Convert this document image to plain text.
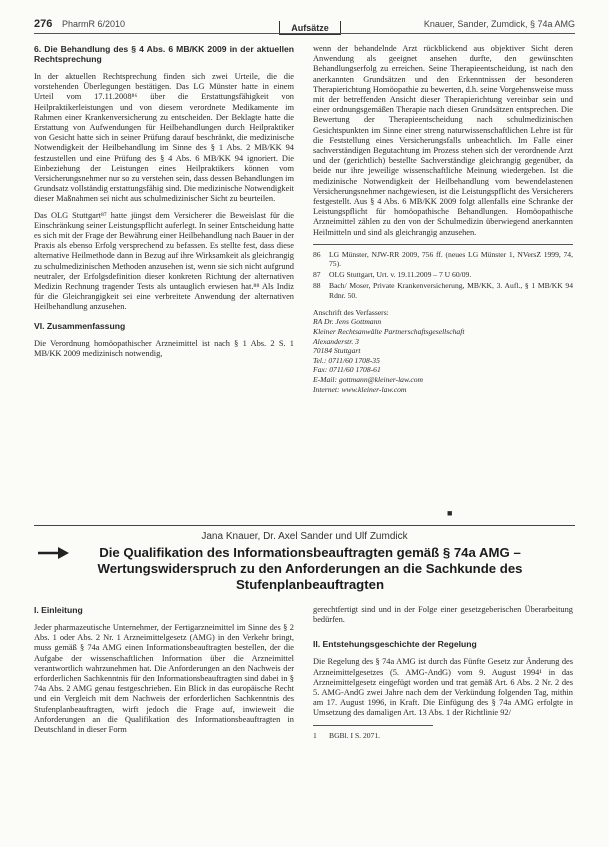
276 PharmR 6/2010	Aufsätze	Knauer, Sander, Zumdick, § 74a AMG
6. Die Behandlung des § 4 Abs. 6 MB/KK 2009 in der aktuellen Rechtsprechung

In der aktuellen Rechtsprechung finden sich zwei Urteile, die die vorstehenden Überlegungen bestätigen. Das LG Münster hatte in einem Urteil vom 17.11.2008⁸⁶ über die Erstattungsfähigkeit von Heilpraktikerleistungen und von diesem verordnete Medikamente im Rahmen einer Krankenversicherung zu entscheiden. Der Beklagte hatte die Erstattung von Aufwendungen für Heilbehandlungen durch Heilpraktiker von Gesicht hatte sich in seiner Prüfung darauf beschränkt, die medizinische Notwendigkeit der Heilbehandlung im Sinne des § 1 Abs. 2 MB/KK 94 festzustellen und eine Prüfung des § 4 Abs. 6 MB/KK 94 ignoriert. Die Einbeziehung der Leistungen eines Heilpraktikers können vom Versicherungsnehmer nur so zu verstehen sein, dass dessen Behandlungen im Grundsatz vollständig erstattungsfähig sind. Die medizinische Notwendigkeit dieser Maßnahmen sei nicht aus schulmedizinischer Sicht zu beurteilen.

Das OLG Stuttgart⁸⁷ hatte jüngst dem Versicherer die Beweislast für die Einschränkung seiner Leistungspflicht auferlegt. In seiner Entscheidung hatte es sich mit der Frage der Bewährung einer Heilbehandlung nach Bauer in der Praxis als ebenso Erfolg versprechend zu befassen. Es stellte fest, dass diese alternative Heilmethode dann in Bezug auf ihre Wirksamkeit als gleichrangig zu schulmedizinischen Methoden anzusehen ist, wenn sie sich nicht aufgrund neutraler, der Erfolgsdefinition dieser konkreten Richtung der alternativen Medizin Rechnung tragender Tests als untauglich erwiesen hat.⁸⁸ Als Indiz für die Gleichrangigkeit sei eine verbreitete Anwendung der alternativen Heilbehandlung anzusehen.

VI. Zusammenfassung

Die Verordnung homöopathischer Arzneimittel ist nach § 1 Abs. 2 S. 1 MB/KK 2009 medizinisch notwendig,

wenn der behandelnde Arzt rückblickend aus objektiver Sicht deren Anwendung als geeignet ansehen durfte, den gewünschten Behandlungserfolg zu erreichen. Seine Therapieentscheidung, ist nach den anerkannten Grundsätzen und den Erkenntnissen der besonderen Therapierichtung Homöopathie zu bewerten, d.h. seine Vorgehensweise muss mit der betreffenden Ansicht dieser Therapierichtung vereinbar sein und einer ordnungsgemäßen Therapie nach diesen Grundsätzen entsprechen. Die Bewertung der Therapieentscheidung nach schulmedizinischen Gesichtspunkten im Sinne einer streng naturwissenschaftlichen Lehre ist für die Feststellung eines Versicherungsfalls unbeachtlich. Im Falle einer sachverständigen Begutachtung im Prozess stehen sich der verordnende Arzt und der (gerichtlich) bestellte Sachverständige gleichrangig gegenüber, da beide nur ihre jeweilige wissenschaftliche Meinung wiedergeben. Ist die medizinische Notwendigkeit der Heilbehandlung vom bewendelastenen Versicherungsnehmer nachgewiesen, ist die Leistungspflicht des Versicherers festgestellt. Aus § 4 Abs. 6 MB/KK 2009 folgt allenfalls eine Schranke der Leistungspflicht für homöopathische Behandlungen. Homöopathische Arzneimittel zählen zu den von der Schulmedizin überwiegend anerkannten Heilmitteln und sind als gleichrangig anzusehen.

86	LG Münster, NJW-RR 2009, 756 ff. (neues LG Münster 1, NVersZ 1999, 74, 75).
87	OLG Stuttgart, Urt. v. 19.11.2009 – 7 U 60/09.
88	Bach/ Moser, Private Krankenversicherung, MB/KK, 3. Aufl., § 1 MB/KK 94 Rdnr. 50.
Anschrift des Verfassers:
RA Dr. Jens Gottmann
Kleiner Rechtsanwälte Partnerschaftsgesellschaft
Alexanderstr. 3
70184 Stuttgart
Tel.: 0711/60 1708-35
Fax: 0711/60 1708-61
E-Mail: gottmann@kleiner-law.com
Internet: www.kleiner-law.com
■
Jana Knauer, Dr. Axel Sander und Ulf Zumdick
Die Qualifikation des Informationsbeauftragten gemäß § 74a AMG – Wertungswiderspruch zu den Anforderungen an die Sachkunde des Stufenplanbeauftragten
I. Einleitung

Jeder pharmazeutische Unternehmer, der Fertigarzneimittel im Sinne des § 2 Abs. 1 oder Abs. 2 Nr. 1 Arzneimittelgesetz (AMG) in den Verkehr bringt, muss gemäß § 74a AMG einen Informationsbeauftragten bestellen, der die Aufgabe der wissenschaftlichen Information über die Arzneimittel verantwortlich wahrzunehmen hat. Die Anforderungen an den Nachweis der erforderlichen Sachkenntnis für den Informationsbeauftragten sind dabei in § 74a Abs. 2 AMG genau festgeschrieben. Ein Blick in das europäische Recht und ein Vergleich mit dem Nachweis der erforderlichen Sachkenntnis des Stufenplanbeauftragten, wirft jedoch die Frage auf, inwieweit die Anforderungen an die Qualifikation des Informationsbeauftragten in Deutschland in dieser Form

gerechtfertigt sind und in der Folge einer gesetzgeberischen Überarbeitung bedürfen.

II. Entstehungsgeschichte der Regelung

Die Regelung des § 74a AMG ist durch das Fünfte Gesetz zur Änderung des Arzneimittelgesetzes (5. AMG-AndG) vom 9. August 1994¹ in das Arzneimittelgesetz eingefügt worden und trat gemäß Art. 6 Abs. 2 Nr. 2 des 5. AMG-AndG zwei Jahre nach dem der Verkündung folgenden Tag, mithin am 17. August 1996, in Kraft. Die Einfügung des § 74a AMG erfolgte in Umsetzung des damaligen Art. 13 Abs. 1 der Richtlinie 92/

1	BGBl. I S. 2071.
